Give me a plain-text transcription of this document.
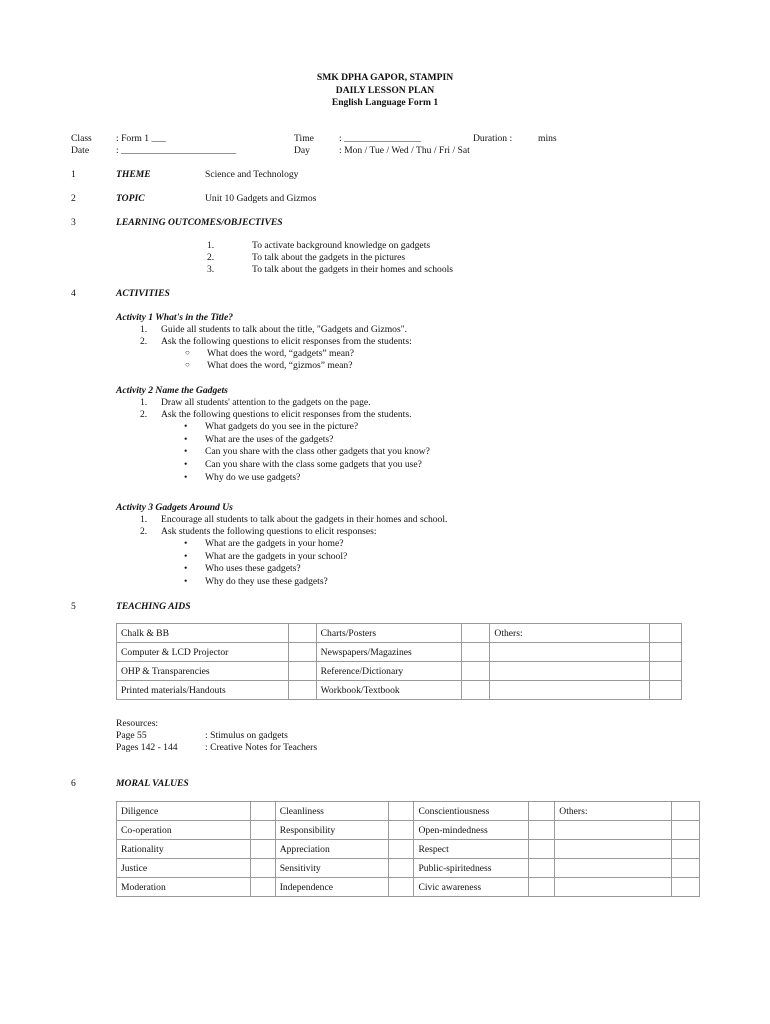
SMK DPHA GAPOR, STAMPIN
DAILY LESSON PLAN
English Language Form 1
Class	: Form 1 ___
Date	: ________________________
Time	: ________________
Day	: Mon / Tue / Wed / Thu / Fri / Sat
Duration :	mins
1	THEME	Science and Technology
2	TOPIC	Unit 10 Gadgets and Gizmos
3	LEARNING OUTCOMES/OBJECTIVES
1.	To activate background knowledge on gadgets
2.	To talk about the gadgets in the pictures
3.	To talk about the gadgets in their homes and schools
4	ACTIVITIES
Activity 1 What's in the Title?
1. Guide all students to talk about the title, "Gadgets and Gizmos".
2. Ask the following questions to elicit responses from the students:
○ What does the word, “gadgets” mean?
○ What does the word, “gizmos” mean?
Activity 2 Name the Gadgets
1. Draw all students' attention to the gadgets on the page.
2. Ask the following questions to elicit responses from the students.
• What gadgets do you see in the picture?
• What are the uses of the gadgets?
• Can you share with the class other gadgets that you know?
• Can you share with the class some gadgets that you use?
• Why do we use gadgets?
Activity 3 Gadgets Around Us
1. Encourage all students to talk about the gadgets in their homes and school.
2. Ask students the following questions to elicit responses:
• What are the gadgets in your home?
• What are the gadgets in your school?
• Who uses these gadgets?
• Why do they use these gadgets?
5	TEACHING AIDS
Chalk & BB		Charts/Posters		Others:	
Computer & LCD Projector		Newspapers/Magazines			
OHP & Transparencies		Reference/Dictionary			
Printed materials/Handouts		Workbook/Textbook			
Resources:
Page 55	: Stimulus on gadgets
Pages 142 - 144	: Creative Notes for Teachers
6	MORAL VALUES
Diligence		Cleanliness		Conscientiousness		Others:	
Co-operation		Responsibility		Open-mindedness			
Rationality		Appreciation		Respect			
Justice		Sensitivity		Public-spiritedness			
Moderation		Independence		Civic awareness			
